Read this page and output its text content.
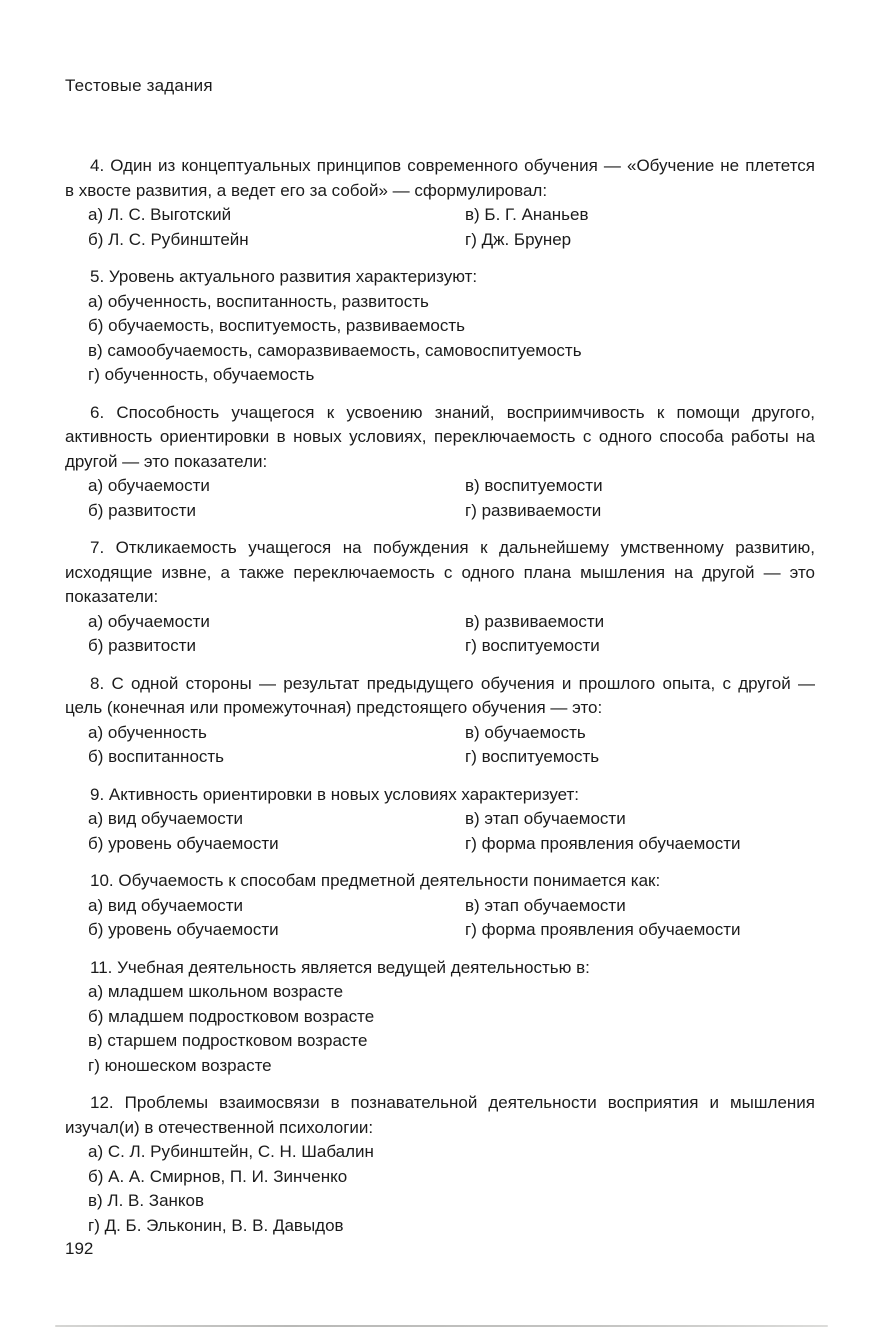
Тестовые задания

4. Один из концептуальных принципов современного обучения — «Обучение не плетется в хвосте развития, а ведет его за собой» — сформулировал:

а) Л. С. Выготский
б) Л. С. Рубинштейн
в) Б. Г. Ананьев
г) Дж. Брунер

5. Уровень актуального развития характеризуют:

а) обученность, воспитанность, развитость
б) обучаемость, воспитуемость, развиваемость
в) самообучаемость, саморазвиваемость, самовоспитуемость
г) обученность, обучаемость

6. Способность учащегося к усвоению знаний, восприимчивость к помощи другого, активность ориентировки в новых условиях, переключаемость с одного способа работы на другой — это показатели:

а) обучаемости
б) развитости
в) воспитуемости
г) развиваемости

7. Откликаемость учащегося на побуждения к дальнейшему умственному развитию, исходящие извне, а также переключаемость с одного плана мышления на другой — это показатели:

а) обучаемости
б) развитости
в) развиваемости
г) воспитуемости

8. С одной стороны — результат предыдущего обучения и прошлого опыта, с другой — цель (конечная или промежуточная) предстоящего обучения — это:

а) обученность
б) воспитанность
в) обучаемость
г) воспитуемость

9. Активность ориентировки в новых условиях характеризует:

а) вид обучаемости
б) уровень обучаемости
в) этап обучаемости
г) форма проявления обучаемости

10. Обучаемость к способам предметной деятельности понимается как:

а) вид обучаемости
б) уровень обучаемости
в) этап обучаемости
г) форма проявления обучаемости

11. Учебная деятельность является ведущей деятельностью в:

а) младшем школьном возрасте
б) младшем подростковом возрасте
в) старшем подростковом возрасте
г) юношеском возрасте

12. Проблемы взаимосвязи в познавательной деятельности восприятия и мышления изучал(и) в отечественной психологии:

а) С. Л. Рубинштейн, С. Н. Шабалин
б) А. А. Смирнов, П. И. Зинченко
в) Л. В. Занков
г) Д. Б. Эльконин, В. В. Давыдов
192
